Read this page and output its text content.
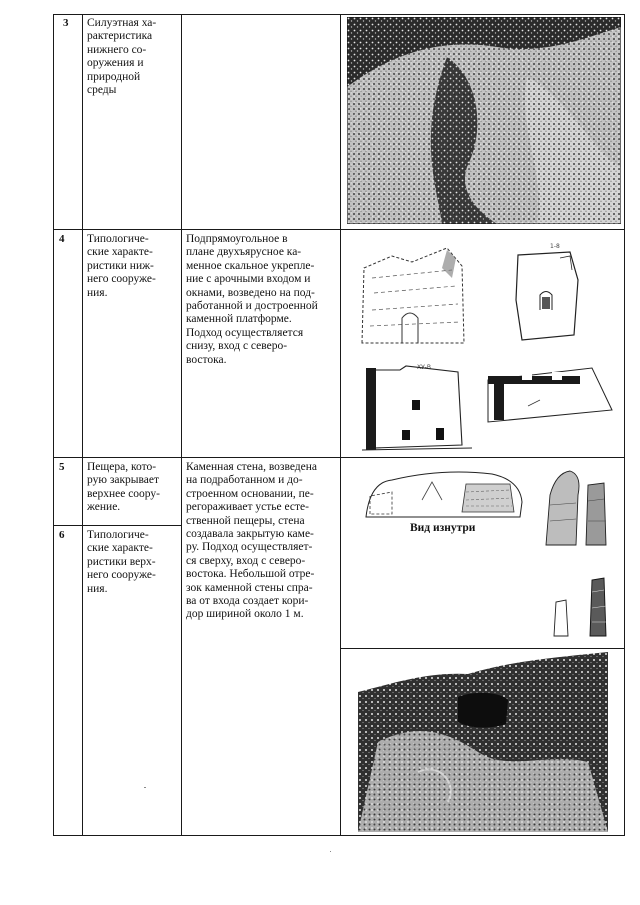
3 Силуэтная ха-
рактеристика
нижнего со-
оружения и
природной
среды
4 Типологиче-
ские характе-
ристики ниж-
него сооруже-
ния.
Подпрямоугольное в
плане двухъярусное ка-
менное скальное укрепле-
ние с арочными входом и
окнами, возведено на под-
работанной и достроенной
каменной платформе.
Подход осуществляется
снизу, вход с северо-
востока.
1-8
ХУ-В
5 Пещера, кото-
рую закрывает
верхнее соору-
жение.
Каменная стена, возведена
на подработанном и до-
строенном основании, пе-
регораживает устье есте-
ственной пещеры, стена
создавала закрытую каме-
ру. Подход осуществляет-
ся сверху, вход с северо-
востока. Небольшой отре-
зок каменной стены спра-
ва от входа создает кори-
дор шириной около 1 м.
Вид изнутри
6 Типологиче-
ские характе-
ристики верх-
него сооруже-
ния.
